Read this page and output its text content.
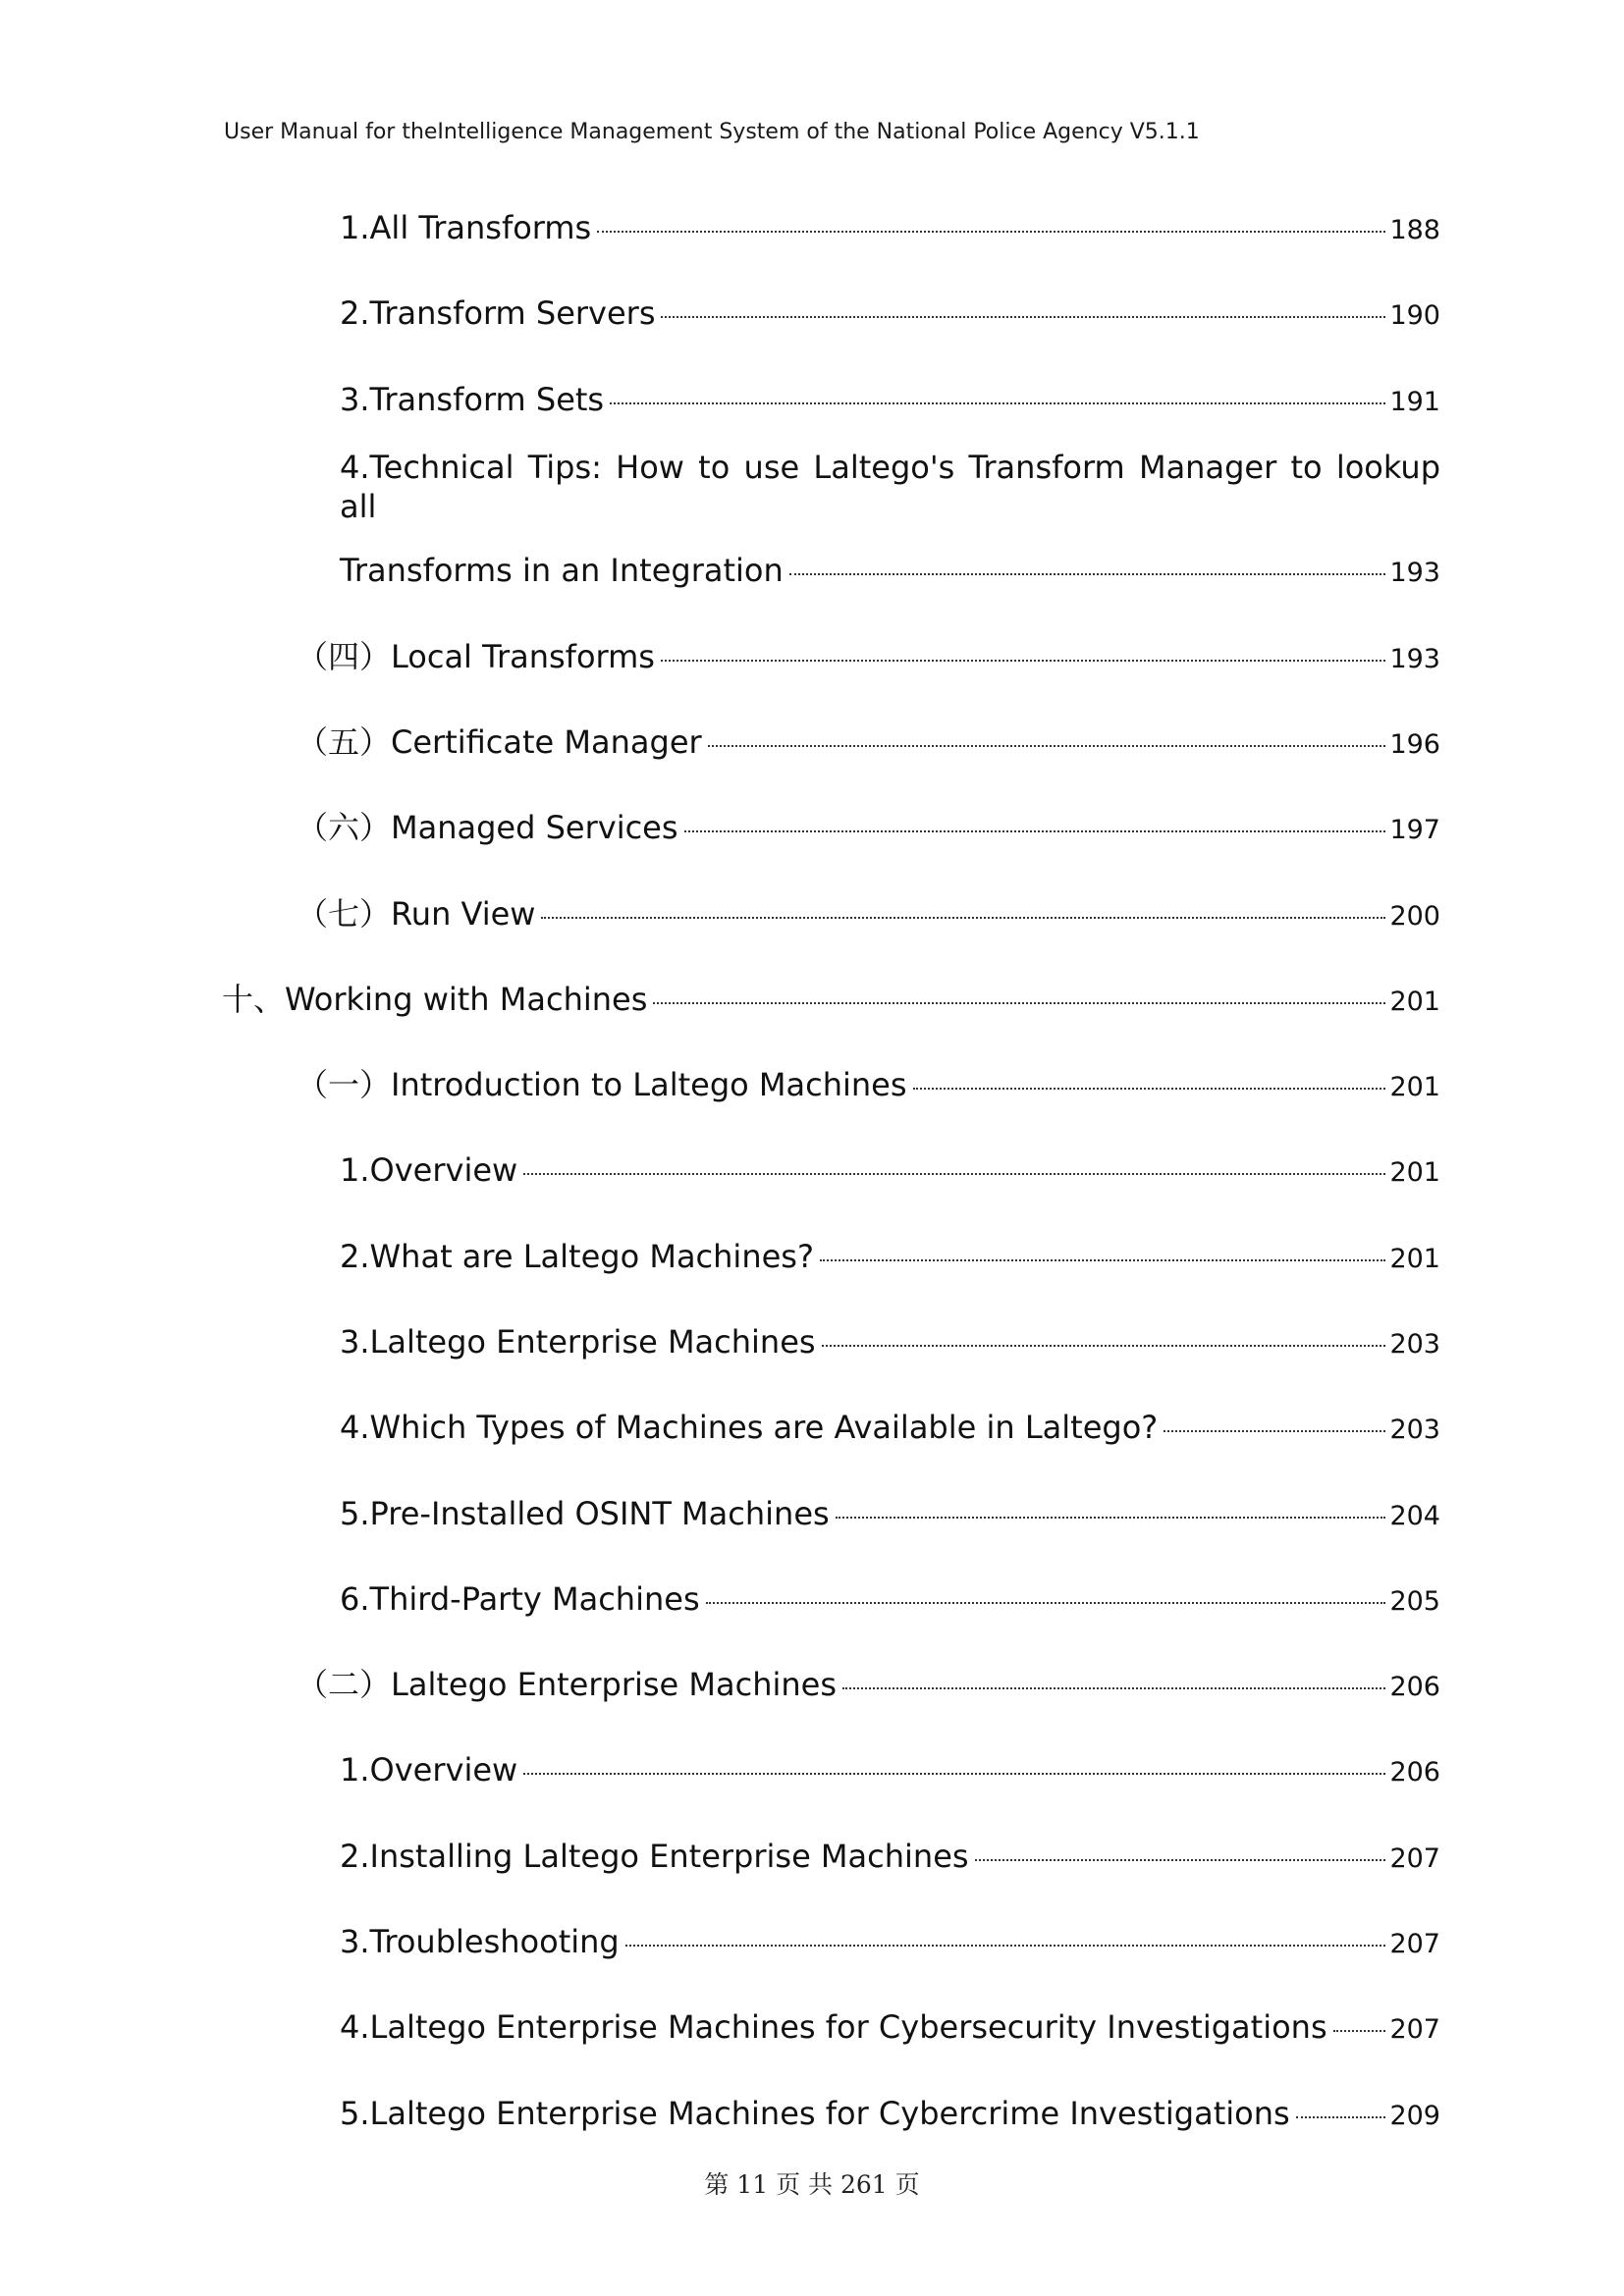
User Manual for theIntelligence Management System of the National Police Agency V5.1.1
1.All Transforms	188
2.Transform Servers	190
3.Transform Sets	191
4.Technical Tips: How to use Laltego's Transform Manager to lookup all
Transforms in an Integration	193
（四）Local Transforms	193
（五）Certificate Manager	196
（六）Managed Services	197
（七）Run View	200
十、Working with Machines	201
（一）Introduction to Laltego Machines	201
1.Overview	201
2.What are Laltego Machines?	201
3.Laltego Enterprise Machines	203
4.Which Types of Machines are Available in Laltego?	203
5.Pre-Installed OSINT Machines	204
6.Third-Party Machines	205
（二）Laltego Enterprise Machines	206
1.Overview	206
2.Installing Laltego Enterprise Machines	207
3.Troubleshooting	207
4.Laltego Enterprise Machines for Cybersecurity Investigations 207
5.Laltego Enterprise Machines for Cybercrime Investigations	209
第 11 页 共 261 页
